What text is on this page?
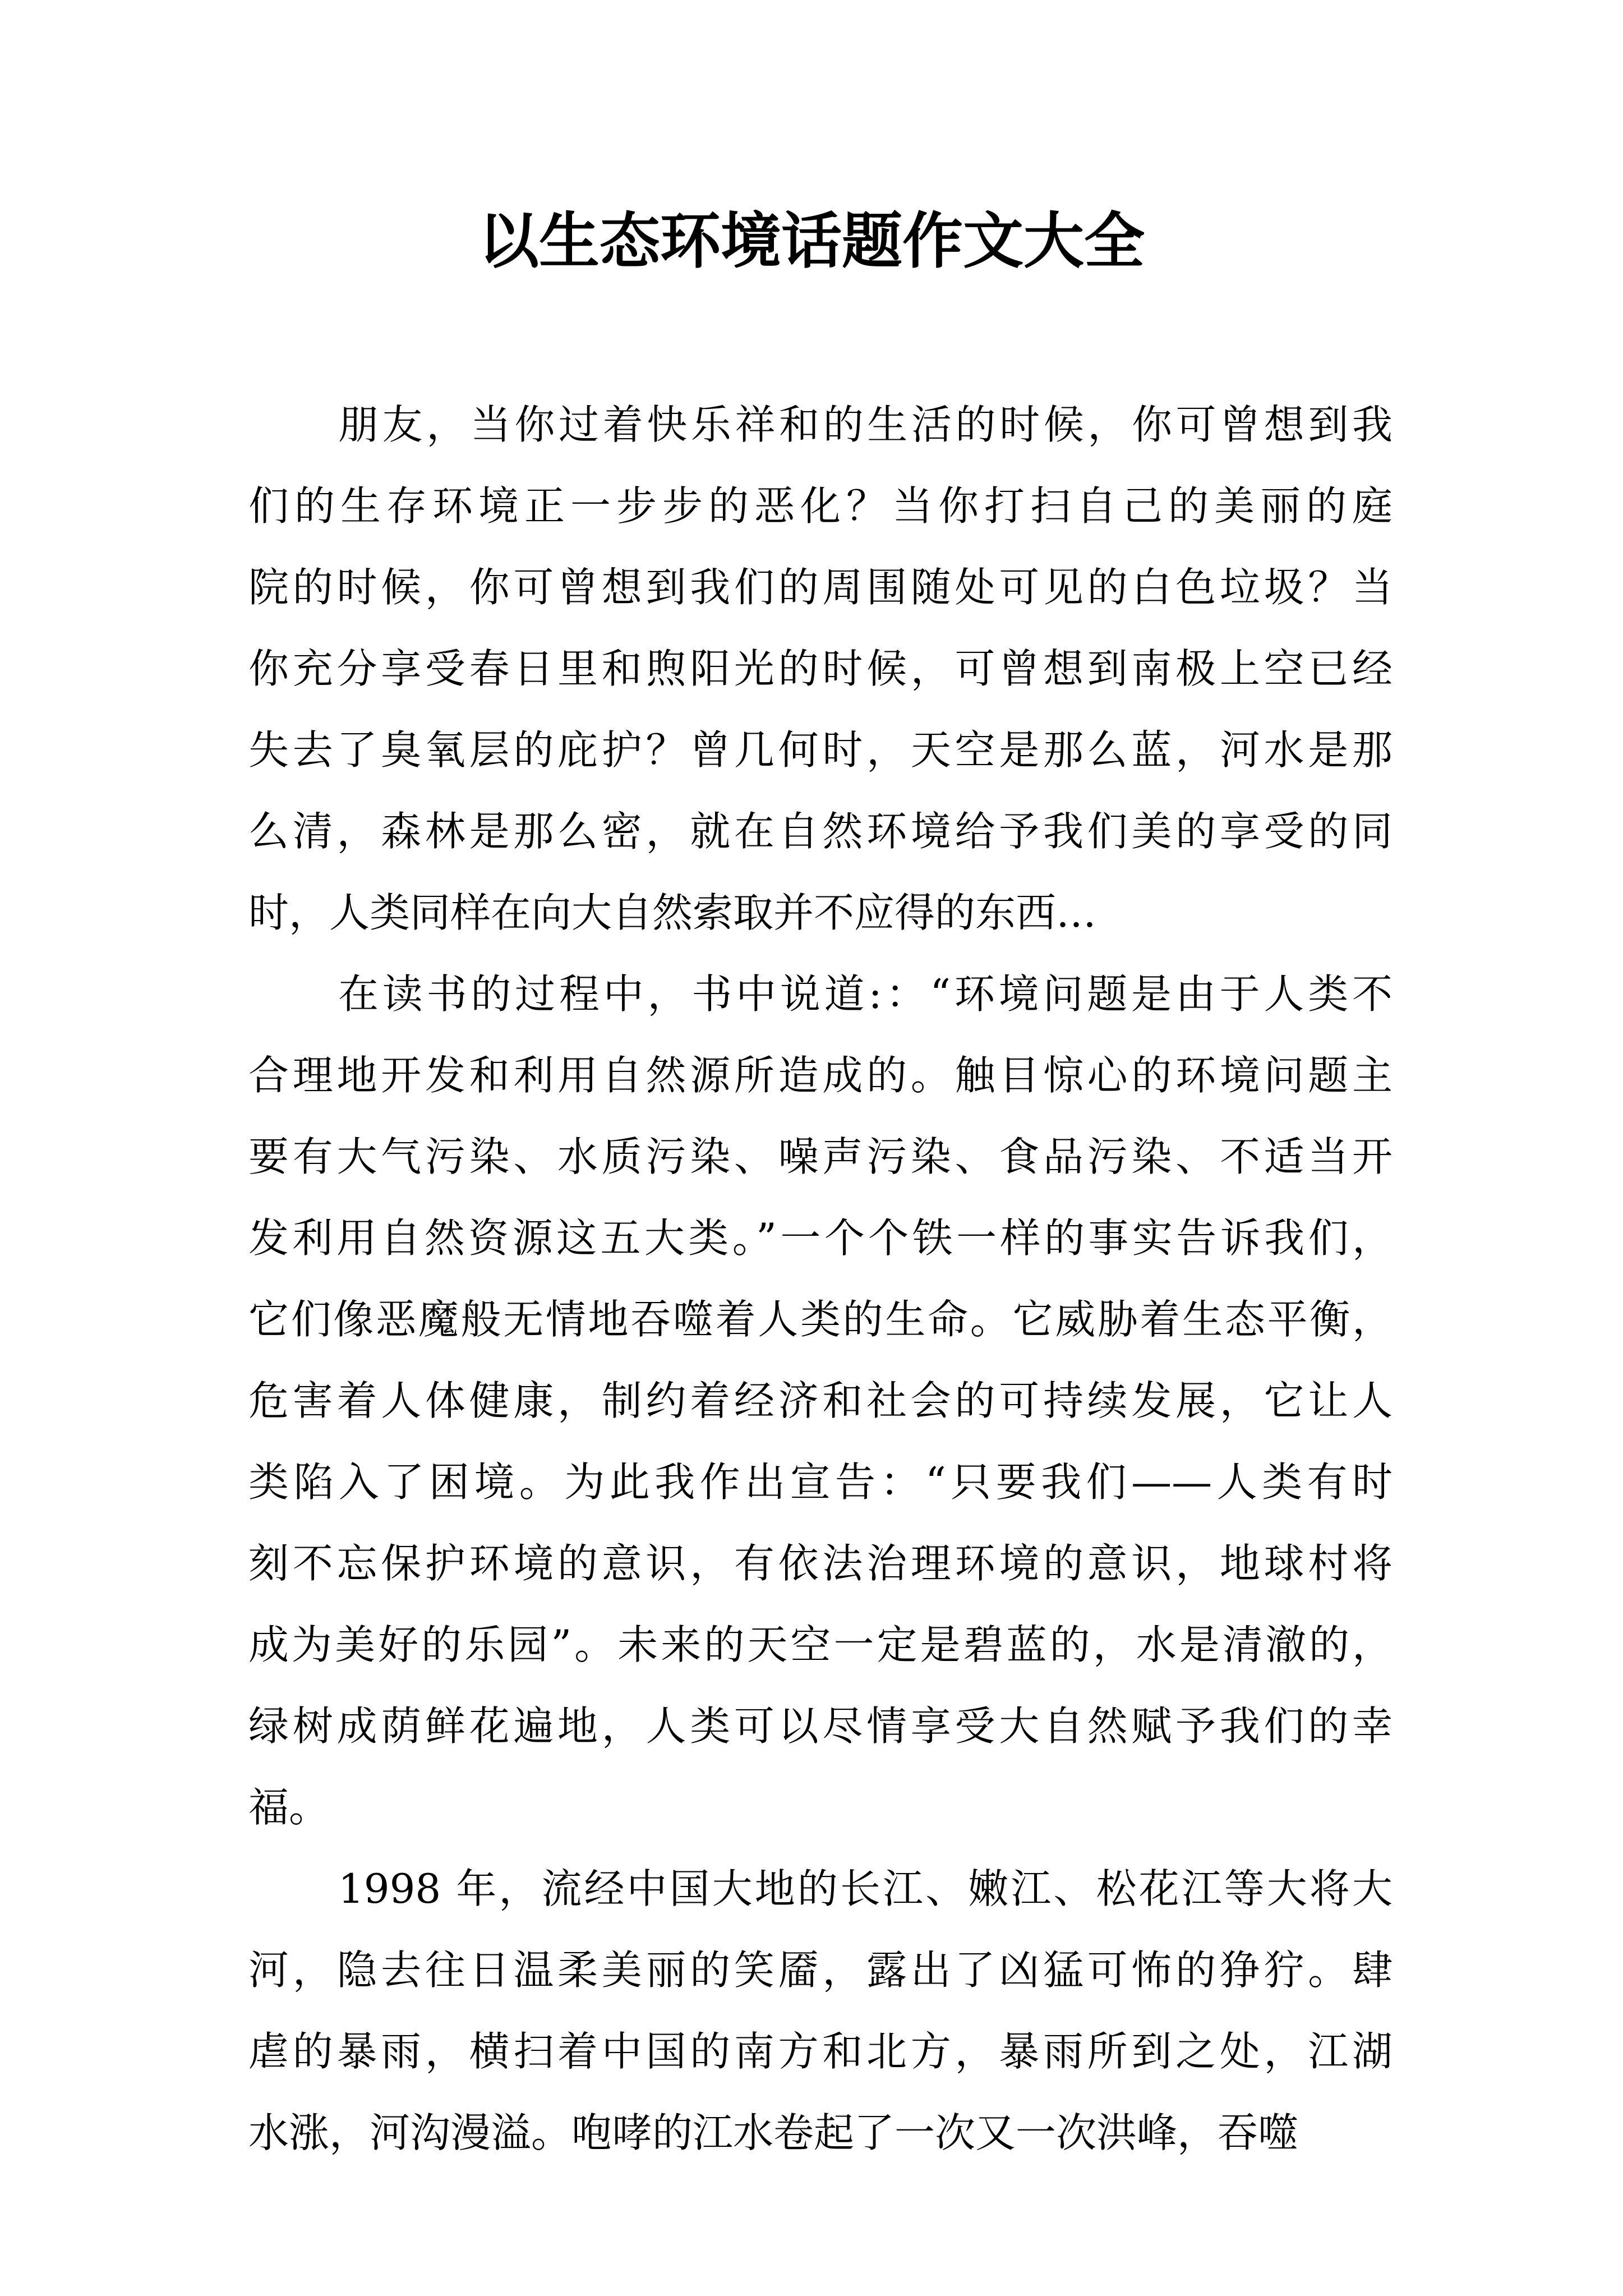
以生态环境话题作文大全
朋友，当你过着快乐祥和的生活的时候，你可曾想到我
们的生存环境正一步步的恶化？当你打扫自己的美丽的庭
院的时候，你可曾想到我们的周围随处可见的白色垃圾？当
你充分享受春日里和煦阳光的时候，可曾想到南极上空已经
失去了臭氧层的庇护？曾几何时，天空是那么蓝，河水是那
么清，森林是那么密，就在自然环境给予我们美的享受的同
时，人类同样在向大自然索取并不应得的东西…
在读书的过程中，书中说道:：“环境问题是由于人类不
合理地开发和利用自然源所造成的。触目惊心的环境问题主
要有大气污染、水质污染、噪声污染、食品污染、不适当开
发利用自然资源这五大类。”一个个铁一样的事实告诉我们，
它们像恶魔般无情地吞噬着人类的生命。它威胁着生态平衡，
危害着人体健康，制约着经济和社会的可持续发展，它让人
类陷入了困境。为此我作出宣告：“只要我们——人类有时
刻不忘保护环境的意识，有依法治理环境的意识，地球村将
成为美好的乐园”。未来的天空一定是碧蓝的，水是清澈的，
绿树成荫鲜花遍地，人类可以尽情享受大自然赋予我们的幸
福。
1998 年，流经中国大地的长江、嫩江、松花江等大将大
河，隐去往日温柔美丽的笑靥，露出了凶猛可怖的狰狞。肆
虐的暴雨，横扫着中国的南方和北方，暴雨所到之处，江湖
水涨，河沟漫溢。咆哮的江水卷起了一次又一次洪峰，吞噬
